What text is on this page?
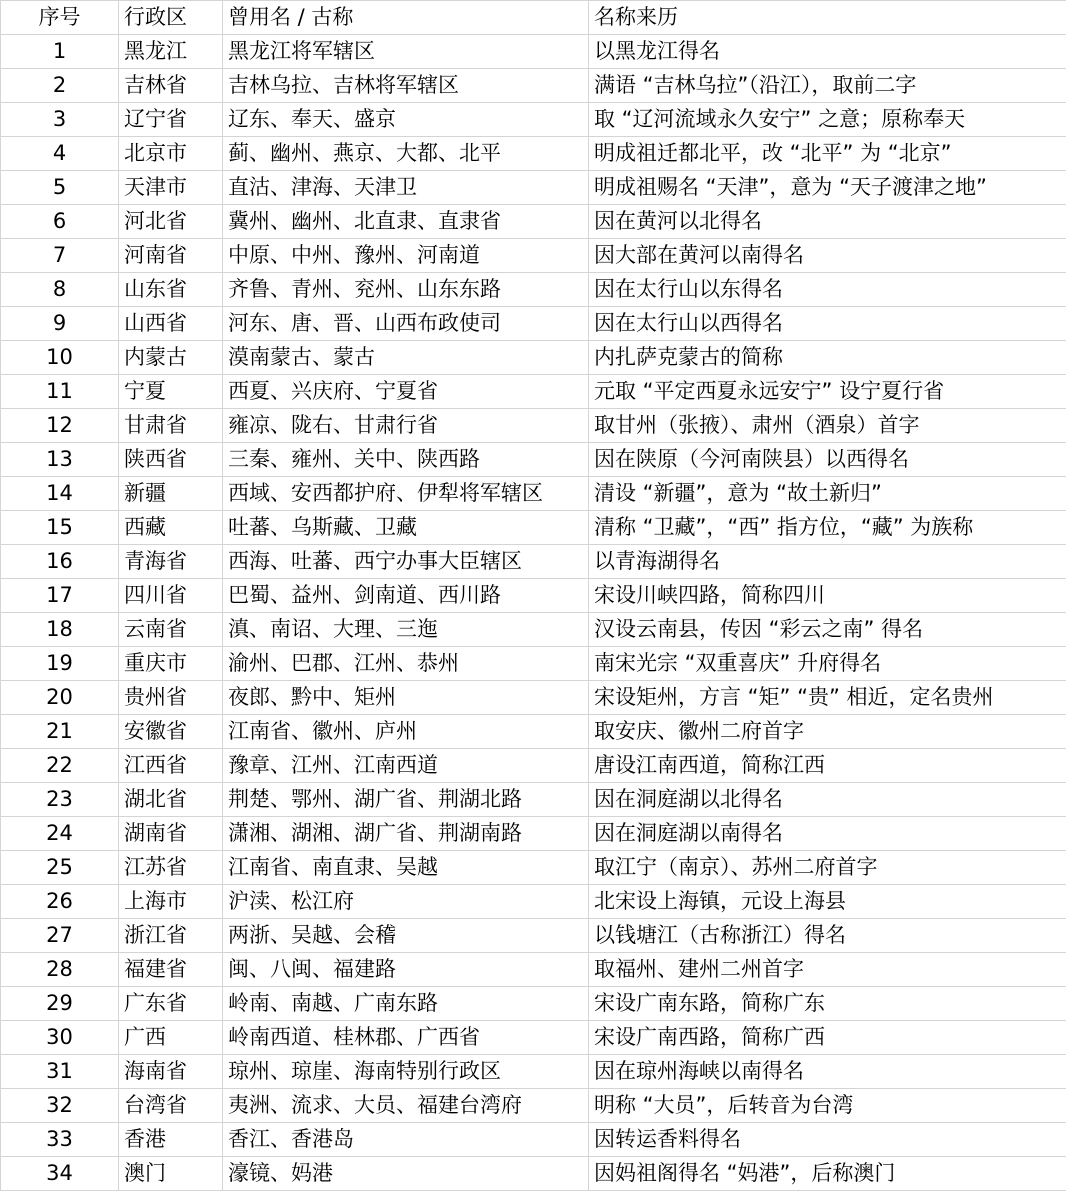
序号	行政区	曾用名 / 古称	名称来历
1	黑龙江	黑龙江将军辖区	以黑龙江得名
2	吉林省	吉林乌拉、吉林将军辖区	满语 “吉林乌拉”（沿江），取前二字
3	辽宁省	辽东、奉天、盛京	取 “辽河流域永久安宁” 之意；原称奉天
4	北京市	蓟、幽州、燕京、大都、北平	明成祖迁都北平，改 “北平” 为 “北京”
5	天津市	直沽、津海、天津卫	明成祖赐名 “天津”，意为 “天子渡津之地”
6	河北省	冀州、幽州、北直隶、直隶省	因在黄河以北得名
7	河南省	中原、中州、豫州、河南道	因大部在黄河以南得名
8	山东省	齐鲁、青州、兖州、山东东路	因在太行山以东得名
9	山西省	河东、唐、晋、山西布政使司	因在太行山以西得名
10	内蒙古	漠南蒙古、蒙古	内扎萨克蒙古的简称
11	宁夏	西夏、兴庆府、宁夏省	元取 “平定西夏永远安宁” 设宁夏行省
12	甘肃省	雍凉、陇右、甘肃行省	取甘州（张掖）、肃州（酒泉）首字
13	陕西省	三秦、雍州、关中、陕西路	因在陕原（今河南陕县）以西得名
14	新疆	西域、安西都护府、伊犁将军辖区	清设 “新疆”，意为 “故土新归”
15	西藏	吐蕃、乌斯藏、卫藏	清称 “卫藏”，“西” 指方位，“藏” 为族称
16	青海省	西海、吐蕃、西宁办事大臣辖区	以青海湖得名
17	四川省	巴蜀、益州、剑南道、西川路	宋设川峡四路，简称四川
18	云南省	滇、南诏、大理、三迤	汉设云南县，传因 “彩云之南” 得名
19	重庆市	渝州、巴郡、江州、恭州	南宋光宗 “双重喜庆” 升府得名
20	贵州省	夜郎、黔中、矩州	宋设矩州，方言 “矩” “贵” 相近，定名贵州
21	安徽省	江南省、徽州、庐州	取安庆、徽州二府首字
22	江西省	豫章、江州、江南西道	唐设江南西道，简称江西
23	湖北省	荆楚、鄂州、湖广省、荆湖北路	因在洞庭湖以北得名
24	湖南省	潇湘、湖湘、湖广省、荆湖南路	因在洞庭湖以南得名
25	江苏省	江南省、南直隶、吴越	取江宁（南京）、苏州二府首字
26	上海市	沪渎、松江府	北宋设上海镇，元设上海县
27	浙江省	两浙、吴越、会稽	以钱塘江（古称浙江）得名
28	福建省	闽、八闽、福建路	取福州、建州二州首字
29	广东省	岭南、南越、广南东路	宋设广南东路，简称广东
30	广西	岭南西道、桂林郡、广西省	宋设广南西路，简称广西
31	海南省	琼州、琼崖、海南特别行政区	因在琼州海峡以南得名
32	台湾省	夷洲、流求、大员、福建台湾府	明称 “大员”，后转音为台湾
33	香港	香江、香港岛	因转运香料得名
34	澳门	濠镜、妈港	因妈祖阁得名 “妈港”，后称澳门
